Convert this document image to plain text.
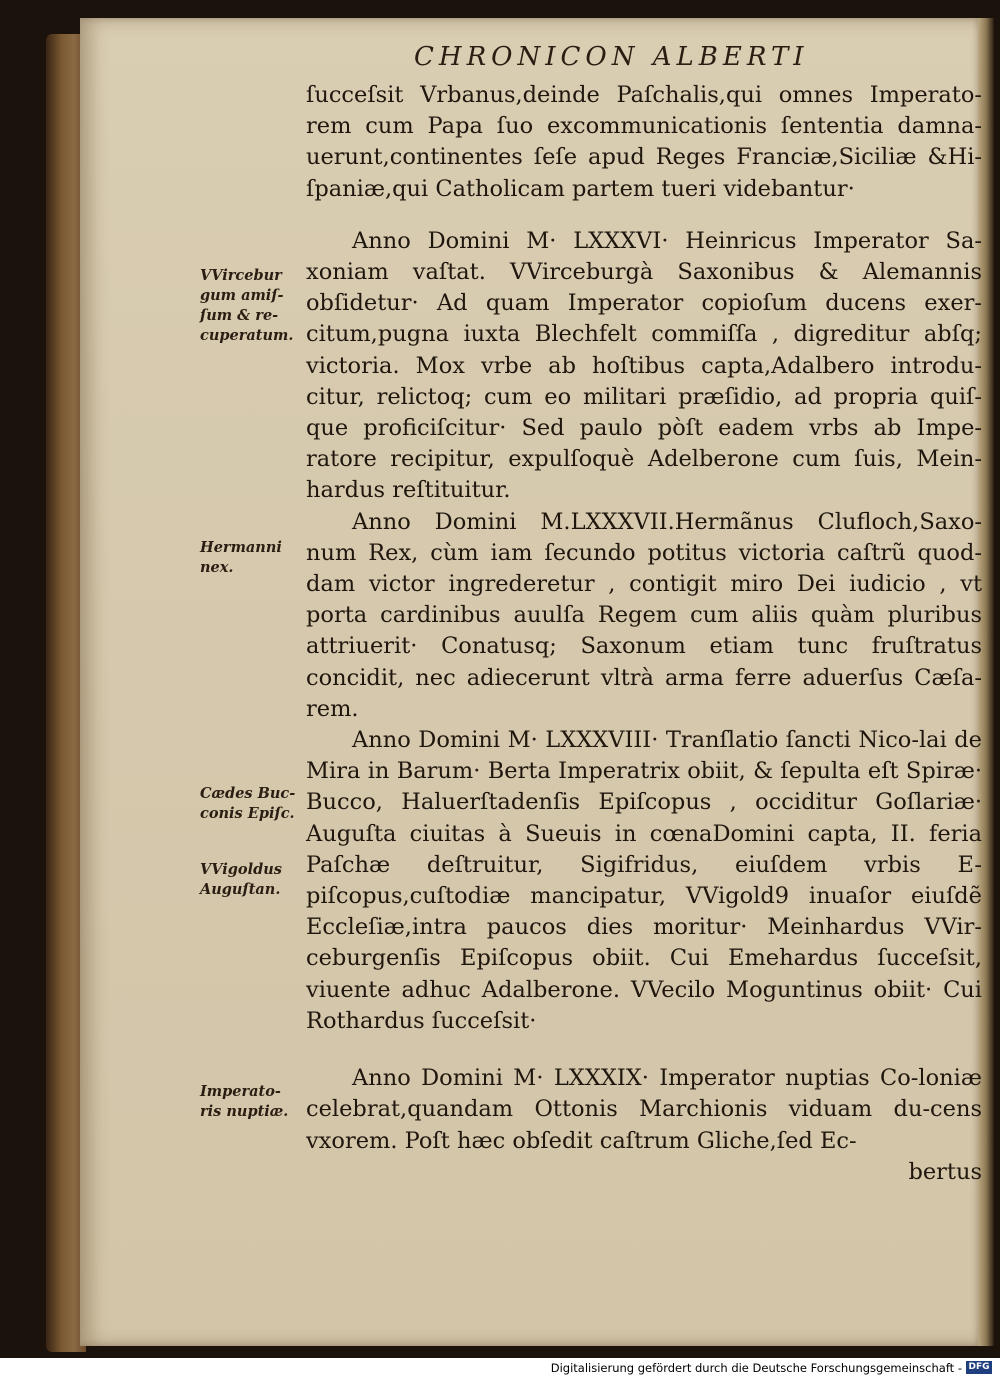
CHRONICON ALBERTI

ſucceſsit Vrbanus,deinde Paſchalis,qui omnes Imperato-rem cum Papa ſuo excommunicationis ſententia damna-uerunt,continentes ſeſe apud Reges Franciæ,Siciliæ &Hi-ſpaniæ,qui Catholicam partem tueri videbantur·

Anno Domini M· LXXXVI· Heinricus Imperator Sa-xoniam vaſtat. VVirceburgà Saxonibus & Alemannis obſidetur· Ad quam Imperator copioſum ducens exer-citum,pugna iuxta Blechfelt commiſſa , digreditur abſq; victoria. Mox vrbe ab hoſtibus capta,Adalbero introdu-citur, relictoq; cum eo militari præſidio, ad propria quiſ-que proficiſcitur· Sed paulo pòſt eadem vrbs ab Impe-ratore recipitur, expulſoquè Adelberone cum ſuis, Mein-hardus reſtituitur.

Anno Domini M.LXXXVII.Hermãnus Clufloch,Saxo-num Rex, cùm iam ſecundo potitus victoria caſtrũ quod-dam victor ingrederetur , contigit miro Dei iudicio , vt porta cardinibus auulſa Regem cum aliis quàm pluribus attriuerit· Conatusq; Saxonum etiam tunc fruſtratus concidit, nec adiecerunt vltrà arma ferre aduerſus Cæſa-rem.

Anno Domini M· LXXXVIII· Tranſlatio ſancti Nico-lai de Mira in Barum· Berta Imperatrix obiit, & ſepulta eſt Spiræ· Bucco, Haluerſtadenſis Epiſcopus , occiditur Goſlariæ· Auguſta ciuitas à Sueuis in cœnaDomini capta, II. feria Paſchæ deſtruitur, Sigifridus, eiuſdem vrbis E-piſcopus,cuſtodiæ mancipatur, VVigold9 inuaſor eiuſdẽ Eccleſiæ,intra paucos dies moritur· Meinhardus VVir-ceburgenſis Epiſcopus obiit. Cui Emehardus ſucceſsit, viuente adhuc Adalberone. VVecilo Moguntinus obiit· Cui Rothardus ſucceſsit·

Anno Domini M· LXXXIX· Imperator nuptias Co-loniæ celebrat,quandam Ottonis Marchionis viduam du-cens vxorem. Poſt hæc obſedit caſtrum Gliche,ſed Ec-

bertus

VVircebur
gum amiſ-
ſum & re-
cuperatum.
Hermanni
nex.
Cædes Buc-
conis Epiſc.
VVigoldus
Auguſtan.
Imperato-
ris nuptiæ.
Digitalisierung gefördert durch die Deutsche Forschungsgemeinschaft - DFG
